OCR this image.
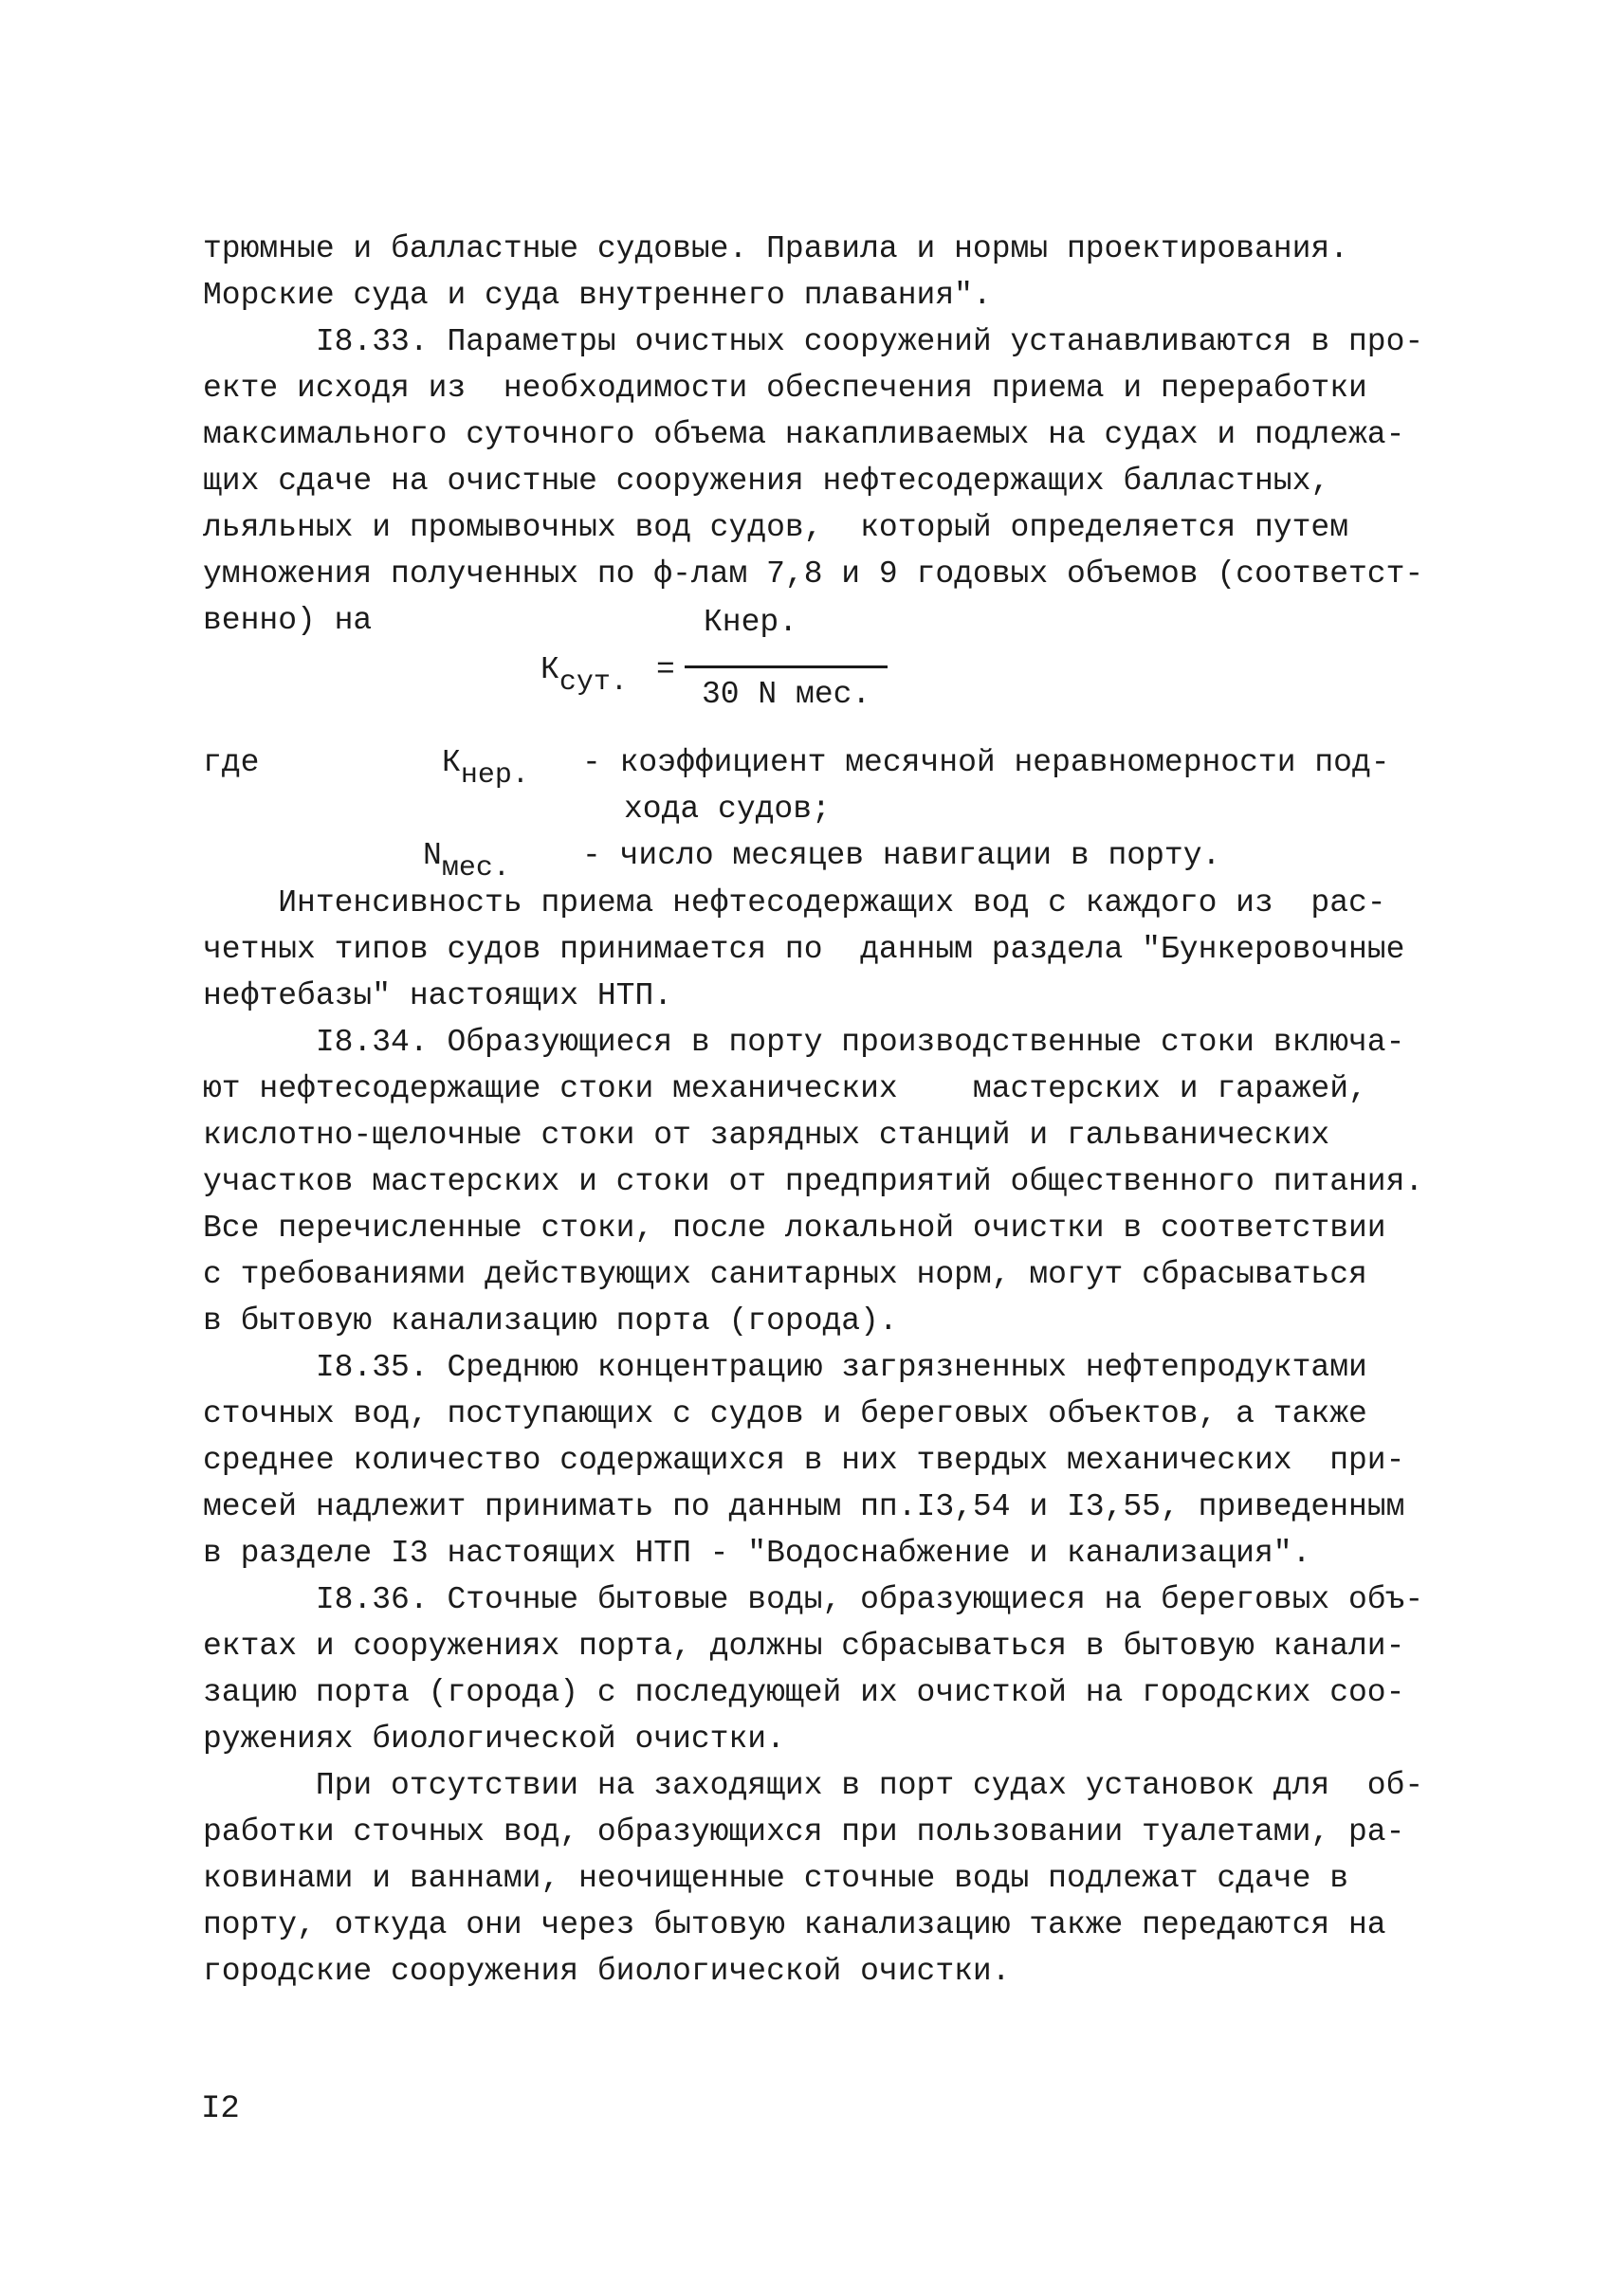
трюмные и балластные судовые. Правила и нормы проектирования.
Морские суда и суда внутреннего плавания".
I8.33. Параметры очистных сооружений устанавливаются в про-
екте исходя из  необходимости обеспечения приема и переработки
максимального суточного объема накапливаемых на судах и подлежа-
щих сдаче на очистные сооружения нефтесодержащих балластных,
льяльных и промывочных вод судов,  который определяется путем
умножения полученных по ф-лам 7,8 и 9 годовых объемов (соответст-
венно) на
Ксут. =
Кнер.
30 N мес.

где

	Кнер.

- коэффициент месячной неравномерности под-

хода судов;

Nмес.

- число месяцев навигации в порту.

Интенсивность приема нефтесодержащих вод с каждого из  рас-
четных типов судов принимается по  данным раздела "Бункеровочные
нефтебазы" настоящих НТП.
I8.34. Образующиеся в порту производственные стоки включа-
ют нефтесодержащие стоки механических    мастерских и гаражей,
кислотно-щелочные стоки от зарядных станций и гальванических
участков мастерских и стоки от предприятий общественного питания.
Все перечисленные стоки, после локальной очистки в соответствии
с требованиями действующих санитарных норм, могут сбрасываться
в бытовую канализацию порта (города).
I8.35. Среднюю концентрацию загрязненных нефтепродуктами
сточных вод, поступающих с судов и береговых объектов, а также
среднее количество содержащихся в них твердых механических  при-
месей надлежит принимать по данным пп.I3,54 и I3,55, приведенным
в разделе I3 настоящих НТП - "Водоснабжение и канализация".
I8.36. Сточные бытовые воды, образующиеся на береговых объ-
ектах и сооружениях порта, должны сбрасываться в бытовую канали-
зацию порта (города) с последующей их очисткой на городских соо-
ружениях биологической очистки.
При отсутствии на заходящих в порт судах установок для  об-
работки сточных вод, образующихся при пользовании туалетами, ра-
ковинами и ваннами, неочищенные сточные воды подлежат сдаче в
порту, откуда они через бытовую канализацию также передаются на
городские сооружения биологической очистки.
I2
